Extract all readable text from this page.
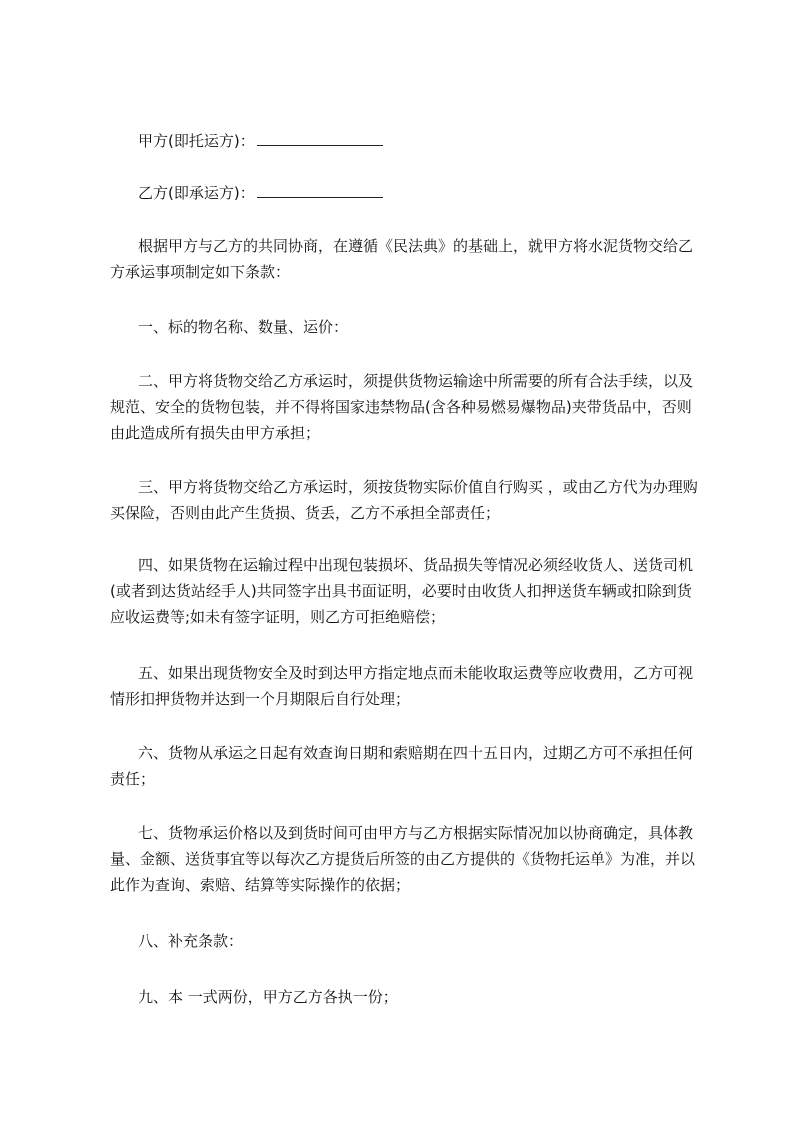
甲方(即托运方)：

乙方(即承运方)：

根据甲方与乙方的共同协商，在遵循《民法典》的基础上，就甲方将水泥货物交给乙方承运事项制定如下条款：

一、标的物名称、数量、运价：

二、甲方将货物交给乙方承运时，须提供货物运输途中所需要的所有合法手续，以及规范、安全的货物包装，并不得将国家违禁物品(含各种易燃易爆物品)夹带货品中，否则由此造成所有损失由甲方承担；

三、甲方将货物交给乙方承运时，须按货物实际价值自行购买 ，或由乙方代为办理购买保险，否则由此产生货损、货丢，乙方不承担全部责任；

四、如果货物在运输过程中出现包装损坏、货品损失等情况必须经收货人、送货司机(或者到达货站经手人)共同签字出具书面证明，必要时由收货人扣押送货车辆或扣除到货应收运费等;如未有签字证明，则乙方可拒绝赔偿；

五、如果出现货物安全及时到达甲方指定地点而未能收取运费等应收费用，乙方可视情形扣押货物并达到一个月期限后自行处理；

六、货物从承运之日起有效查询日期和索赔期在四十五日内，过期乙方可不承担任何责任；

七、货物承运价格以及到货时间可由甲方与乙方根据实际情况加以协商确定，具体教量、金额、送货事宜等以每次乙方提货后所签的由乙方提供的《货物托运单》为准，并以此作为查询、索赔、结算等实际操作的依据；

八、补充条款：

九、本 一式两份，甲方乙方各执一份；
